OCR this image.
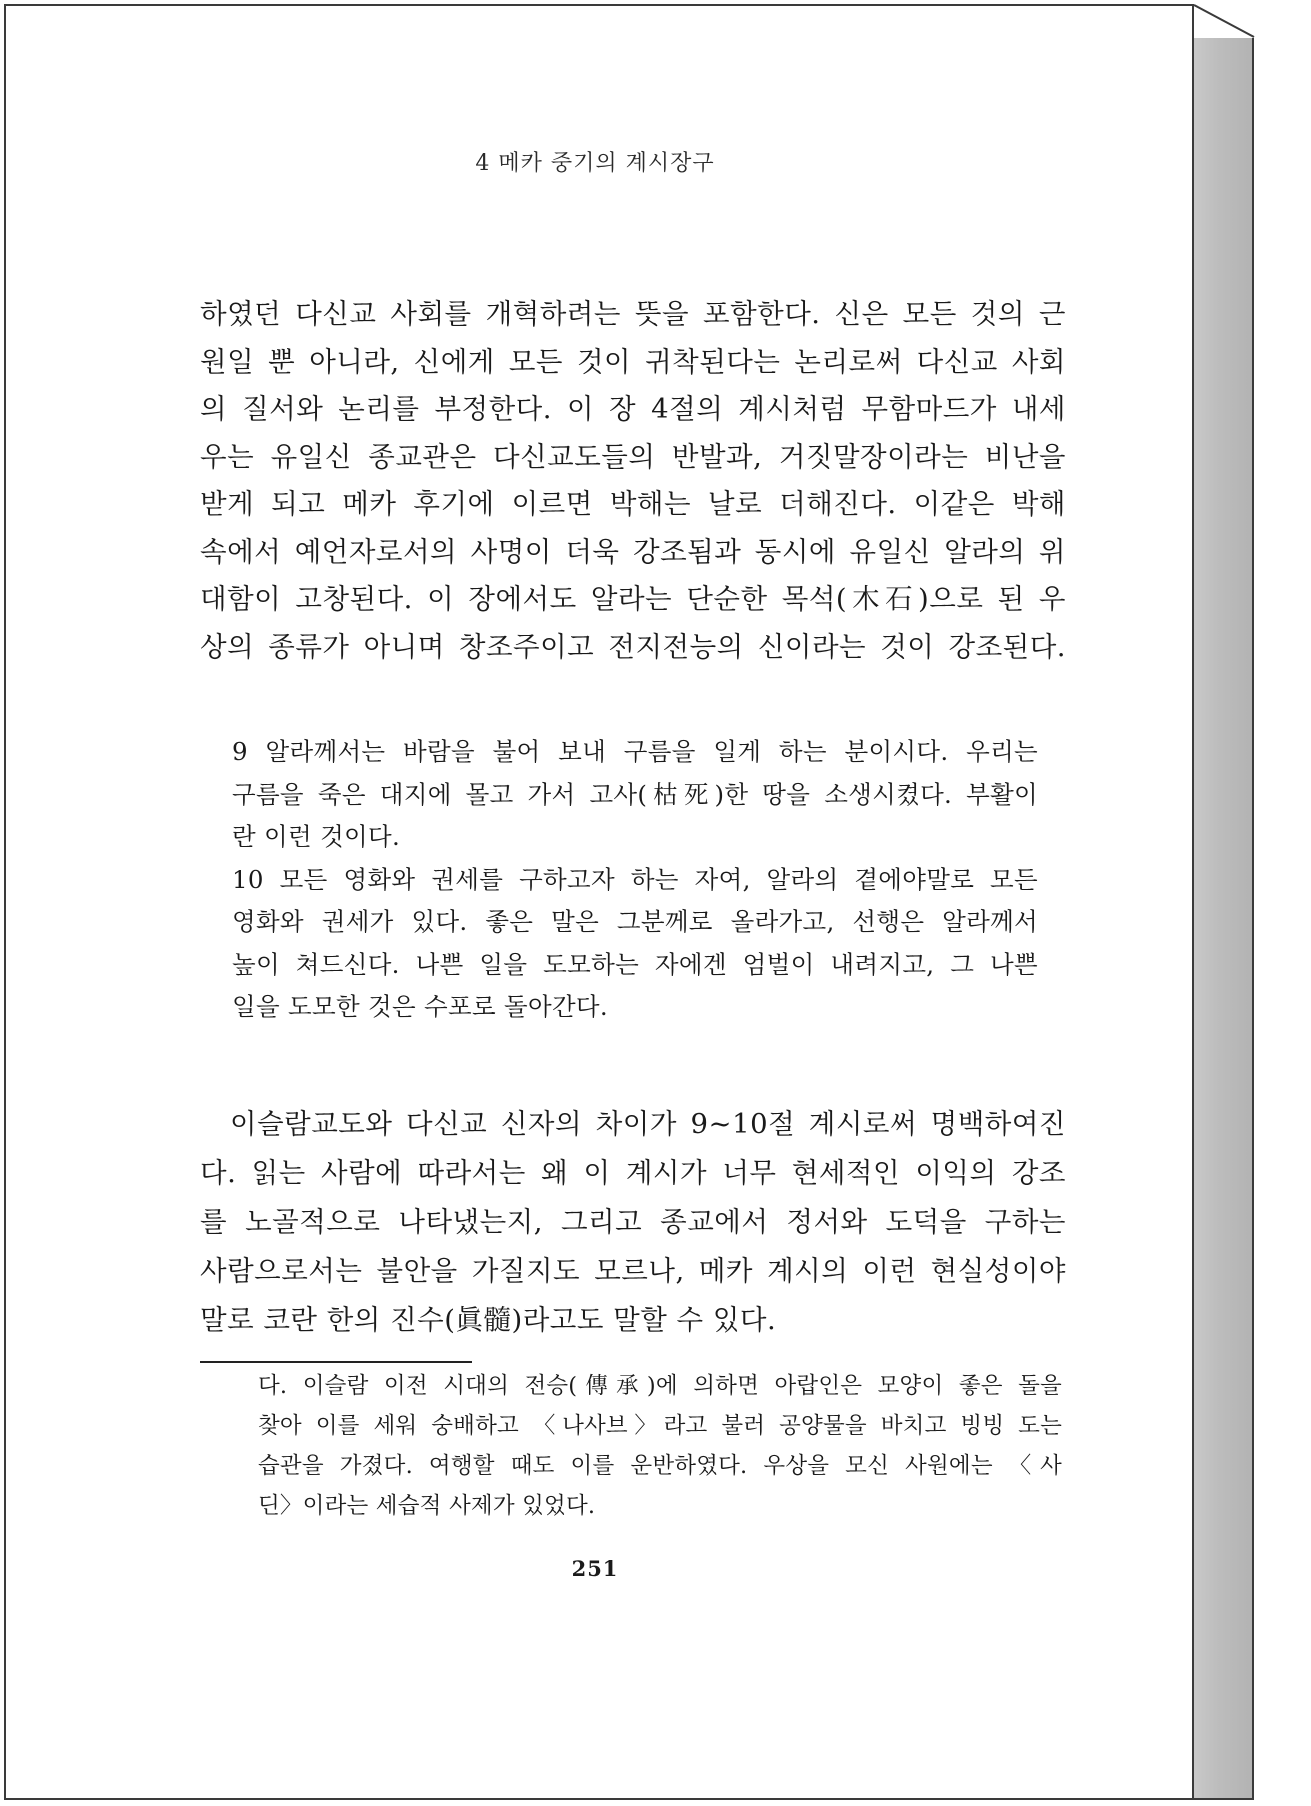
4 메카 중기의 계시장구
하였던 다신교 사회를 개혁하려는 뜻을 포함한다. 신은 모든 것의 근
원일 뿐 아니라, 신에게 모든 것이 귀착된다는 논리로써 다신교 사회
의 질서와 논리를 부정한다. 이 장 4절의 계시처럼 무함마드가 내세
우는 유일신 종교관은 다신교도들의 반발과, 거짓말장이라는 비난을
받게 되고 메카 후기에 이르면 박해는 날로 더해진다. 이같은 박해
속에서 예언자로서의 사명이 더욱 강조됨과 동시에 유일신 알라의 위
대함이 고창된다. 이 장에서도 알라는 단순한 목석(木石)으로 된 우
상의 종류가 아니며 창조주이고 전지전능의 신이라는 것이 강조된다.
9 알라께서는 바람을 불어 보내 구름을 일게 하는 분이시다. 우리는
구름을 죽은 대지에 몰고 가서 고사(枯死)한 땅을 소생시켰다. 부활이
란 이런 것이다.
10 모든 영화와 권세를 구하고자 하는 자여, 알라의 곁에야말로 모든
영화와 권세가 있다. 좋은 말은 그분께로 올라가고, 선행은 알라께서
높이 쳐드신다. 나쁜 일을 도모하는 자에겐 엄벌이 내려지고, 그 나쁜
일을 도모한 것은 수포로 돌아간다.
이슬람교도와 다신교 신자의 차이가 9~10절 계시로써 명백하여진
다. 읽는 사람에 따라서는 왜 이 계시가 너무 현세적인 이익의 강조
를 노골적으로 나타냈는지, 그리고 종교에서 정서와 도덕을 구하는
사람으로서는 불안을 가질지도 모르나, 메카 계시의 이런 현실성이야
말로 코란 한의 진수(眞髓)라고도 말할 수 있다.
다. 이슬람 이전 시대의 전승(傳承)에 의하면 아랍인은 모양이 좋은 돌을
찾아 이를 세워 숭배하고 〈나사브〉라고 불러 공양물을 바치고 빙빙 도는
습관을 가졌다. 여행할 때도 이를 운반하였다. 우상을 모신 사원에는 〈사
딘〉이라는 세습적 사제가 있었다.
251
